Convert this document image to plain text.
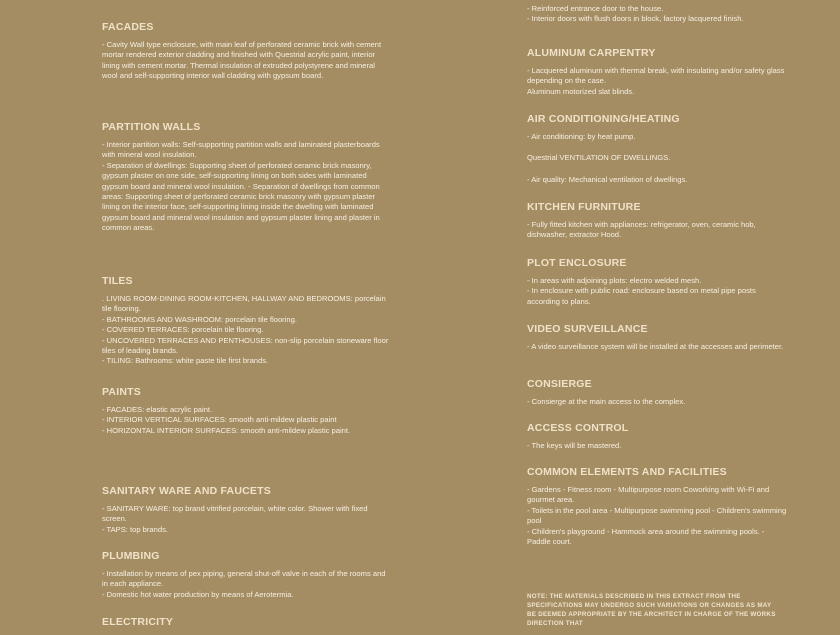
FACADES
- Cavity Wall type enclosure, with main leaf of perforated ceramic brick with cement mortar rendered exterior cladding and finished with Questrial acrylic paint, interior lining with cement mortar. Thermal insulation of extruded polystyrene and mineral wool and self-supporting interior wall cladding with gypsum board.
PARTITION WALLS
- Interior partition walls: Self-supporting partition walls and laminated plasterboards with mineral wool insulation.
- Separation of dwellings: Supporting sheet of perforated ceramic brick masonry, gypsum plaster on one side, self-supporting lining on both sides with laminated gypsum board and mineral wool insulation. - Separation of dwellings from common areas: Supporting sheet of perforated ceramic brick masonry with gypsum plaster lining on the interior face, self-supporting lining inside the dwelling with laminated gypsum board and mineral wool insulation and gypsum plaster lining and plaster in common areas.
TILES
. LIVING ROOM-DINING ROOM-KITCHEN, HALLWAY AND BEDROOMS: porcelain tile flooring.
- BATHROOMS AND WASHROOM: porcelain tile flooring.
- COVERED TERRACES: porcelain tile flooring.
- UNCOVERED TERRACES AND PENTHOUSES: non-slip porcelain stoneware floor tiles of leading brands.
- TILING: Bathrooms: white paste tile first brands.
PAINTS
- FACADES: elastic acrylic paint.
- INTERIOR VERTICAL SURFACES: smooth anti-mildew plastic paint
- HORIZONTAL INTERIOR SURFACES: smooth anti-mildew plastic paint.
SANITARY WARE AND FAUCETS
- SANITARY WARE: top brand vitrified porcelain, white color. Shower with fixed screen.
- TAPS: top brands.
PLUMBING
- Installation by means of pex piping, general shut-off valve in each of the rooms and in each appliance.
- Domestic hot water production by means of Aerotermia.
ELECTRICITY
- Reinforced entrance door to the house.
- Interior doors with flush doors in block, factory lacquered finish.
ALUMINUM CARPENTRY
- Lacquered aluminum with thermal break, with insulating and/or safety glass depending on the case.
Aluminum motorized slat blinds.
AIR CONDITIONING/HEATING
- Air conditioning: by heat pump.
Questrial VENTILATION OF DWELLINGS.
- Air quality: Mechanical ventilation of dwellings.
KITCHEN FURNITURE
- Fully fitted kitchen with appliances: refrigerator, oven, ceramic hob, dishwasher, extractor Hood.
PLOT ENCLOSURE
- In areas with adjoining plots: electro welded mesh.
- In enclosure with public road: enclosure based on metal pipe posts according to plans.
VIDEO SURVEILLANCE
- A video surveillance system will be installed at the accesses and perimeter.
CONSIERGE
- Consierge at the main access to the complex.
ACCESS CONTROL
- The keys will be mastered.
COMMON ELEMENTS AND FACILITIES
- Gardens - Fitness room - Multipurpose room Coworking with Wi-Fi and gourmet area.
- Toilets in the pool area - Multipurpose swimming pool - Children's swimming pool
- Children's playground - Hammock area around the swimming pools. - Paddle court.
NOTE: THE MATERIALS DESCRIBED IN THIS EXTRACT FROM THE SPECIFICATIONS MAY UNDERGO SUCH VARIATIONS OR CHANGES AS MAY BE DEEMED APPROPRIATE BY THE ARCHITECT IN CHARGE OF THE WORKS DIRECTION THAT
